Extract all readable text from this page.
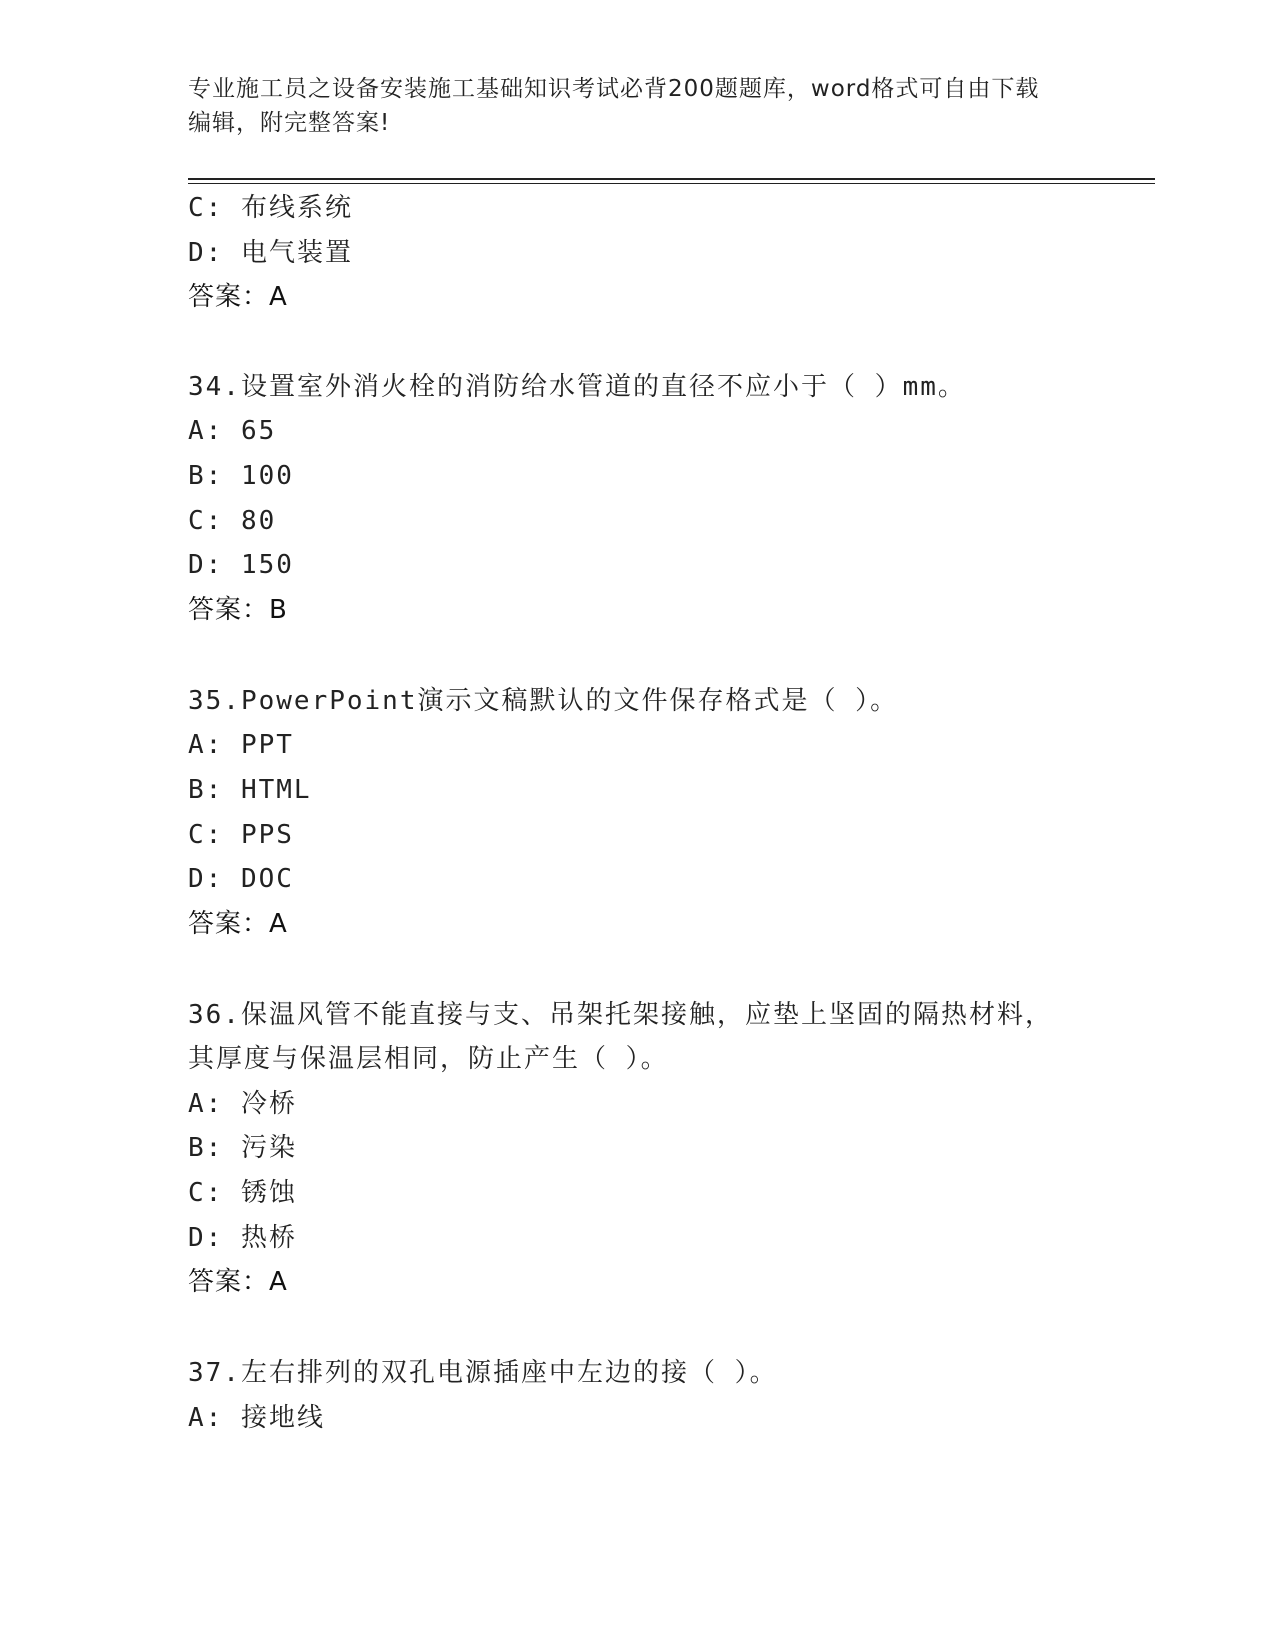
专业施工员之设备安装施工基础知识考试必背200题题库，word格式可自由下载
编辑，附完整答案!
C: 布线系统
D: 电气装置
答案：A
34.设置室外消火栓的消防给水管道的直径不应小于（ ）mm。
A: 65
B: 100
C: 80
D: 150
答案：B
35.PowerPoint演示文稿默认的文件保存格式是（ ）。
A: PPT
B: HTML
C: PPS
D: DOC
答案：A
36.保温风管不能直接与支、吊架托架接触，应垫上坚固的隔热材料，
其厚度与保温层相同，防止产生（ ）。
A: 冷桥
B: 污染
C: 锈蚀
D: 热桥
答案：A
37.左右排列的双孔电源插座中左边的接（ ）。
A: 接地线
